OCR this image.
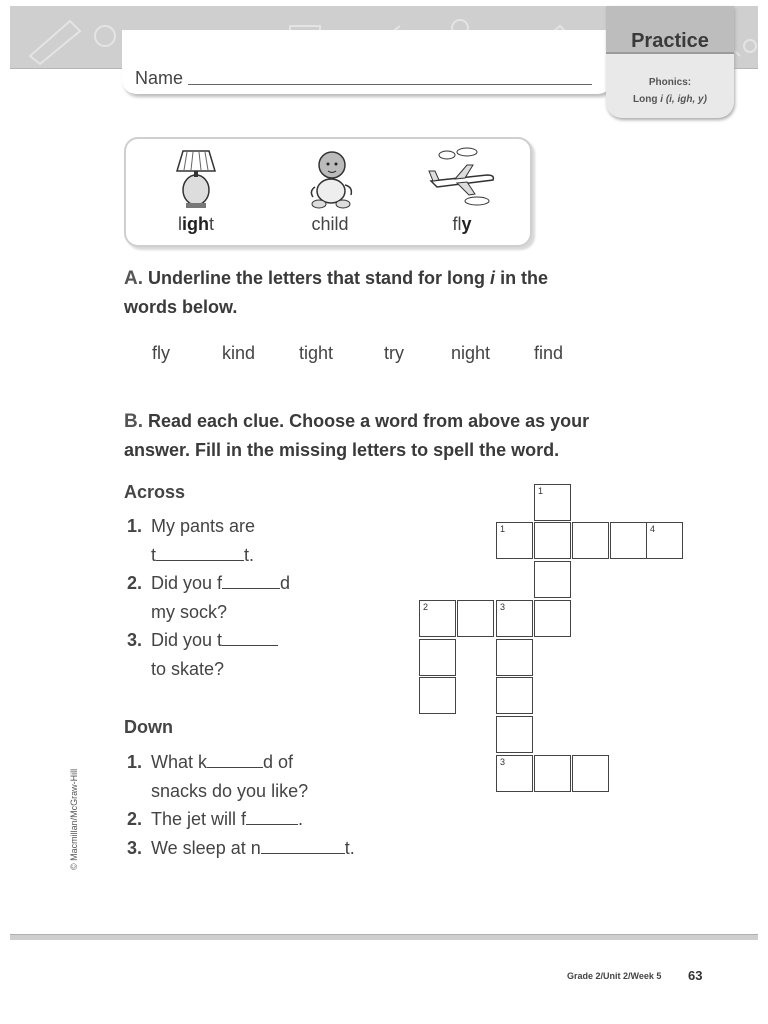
Name
Practice
Phonics:
Long i (i, igh, y)
light	child	fly
A. Underline the letters that stand for long i in the
words below.
fly	kind tight	try	night find
B. Read each clue. Choose a word from above as your
answer. Fill in the missing letters to spell the word.
Across
1. My pants are
t	t.
2. Did you f	d
my sock?
3. Did you t
to skate?
Down
1. What k	d of
snacks do you like?
2. The jet will f	.
3. We sleep at n	t.
© Macmillan/McGraw-Hill
1
1	4
2	3
3
Grade 2/Unit 2/Week 5 63
